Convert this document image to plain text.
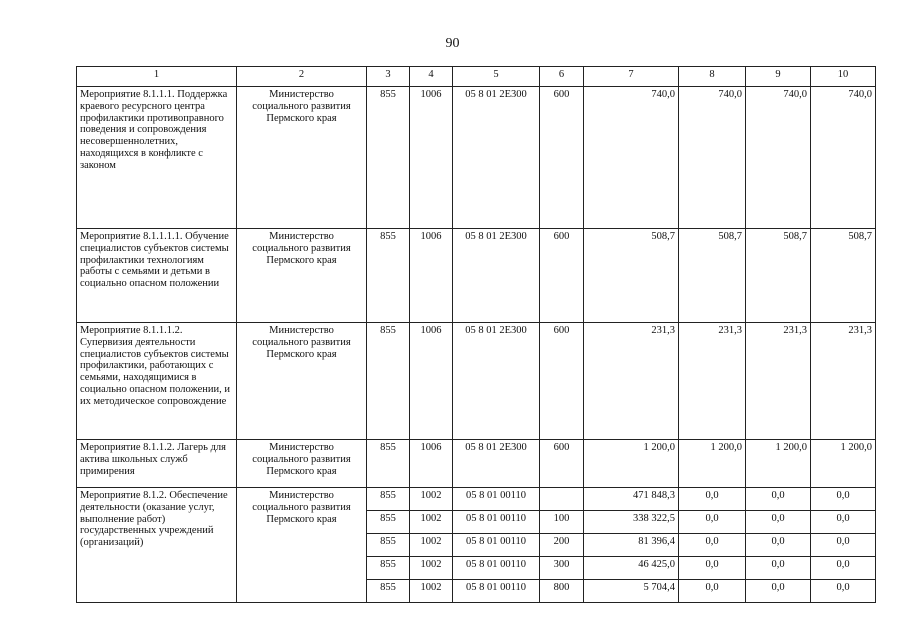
90
1	2	3	4	5	6	7	8	9	10
Мероприятие 8.1.1.1. Поддержка краевого ресурсного центра профилактики противоправного поведения и сопровождения несовершеннолетних, находящихся в конфликте с законом	Министерство социального развития Пермского края	855	1006	05 8 01 2Е300	600	740,0	740,0	740,0	740,0
Мероприятие 8.1.1.1.1. Обучение специалистов субъектов системы профилактики технологиям работы с семьями и детьми в социально опасном положении	Министерство социального развития Пермского края	855	1006	05 8 01 2Е300	600	508,7	508,7	508,7	508,7
Мероприятие 8.1.1.1.2. Супервизия деятельности специалистов субъектов системы профилактики, работающих с семьями, находящимися в социально опасном положении, и их методическое сопровождение	Министерство социального развития Пермского края	855	1006	05 8 01 2Е300	600	231,3	231,3	231,3	231,3
Мероприятие 8.1.1.2. Лагерь для актива школьных служб примирения	Министерство социального развития Пермского края	855	1006	05 8 01 2Е300	600	1 200,0	1 200,0	1 200,0	1 200,0
Мероприятие 8.1.2. Обеспечение деятельности (оказание услуг, выполнение работ) государственных учреждений (организаций)	Министерство социального развития Пермского края	855	1002	05 8 01 00110		471 848,3	0,0	0,0	0,0
		855	1002	05 8 01 00110	100	338 322,5	0,0	0,0	0,0
		855	1002	05 8 01 00110	200	81 396,4	0,0	0,0	0,0
		855	1002	05 8 01 00110	300	46 425,0	0,0	0,0	0,0
		855	1002	05 8 01 00110	800	5 704,4	0,0	0,0	0,0
